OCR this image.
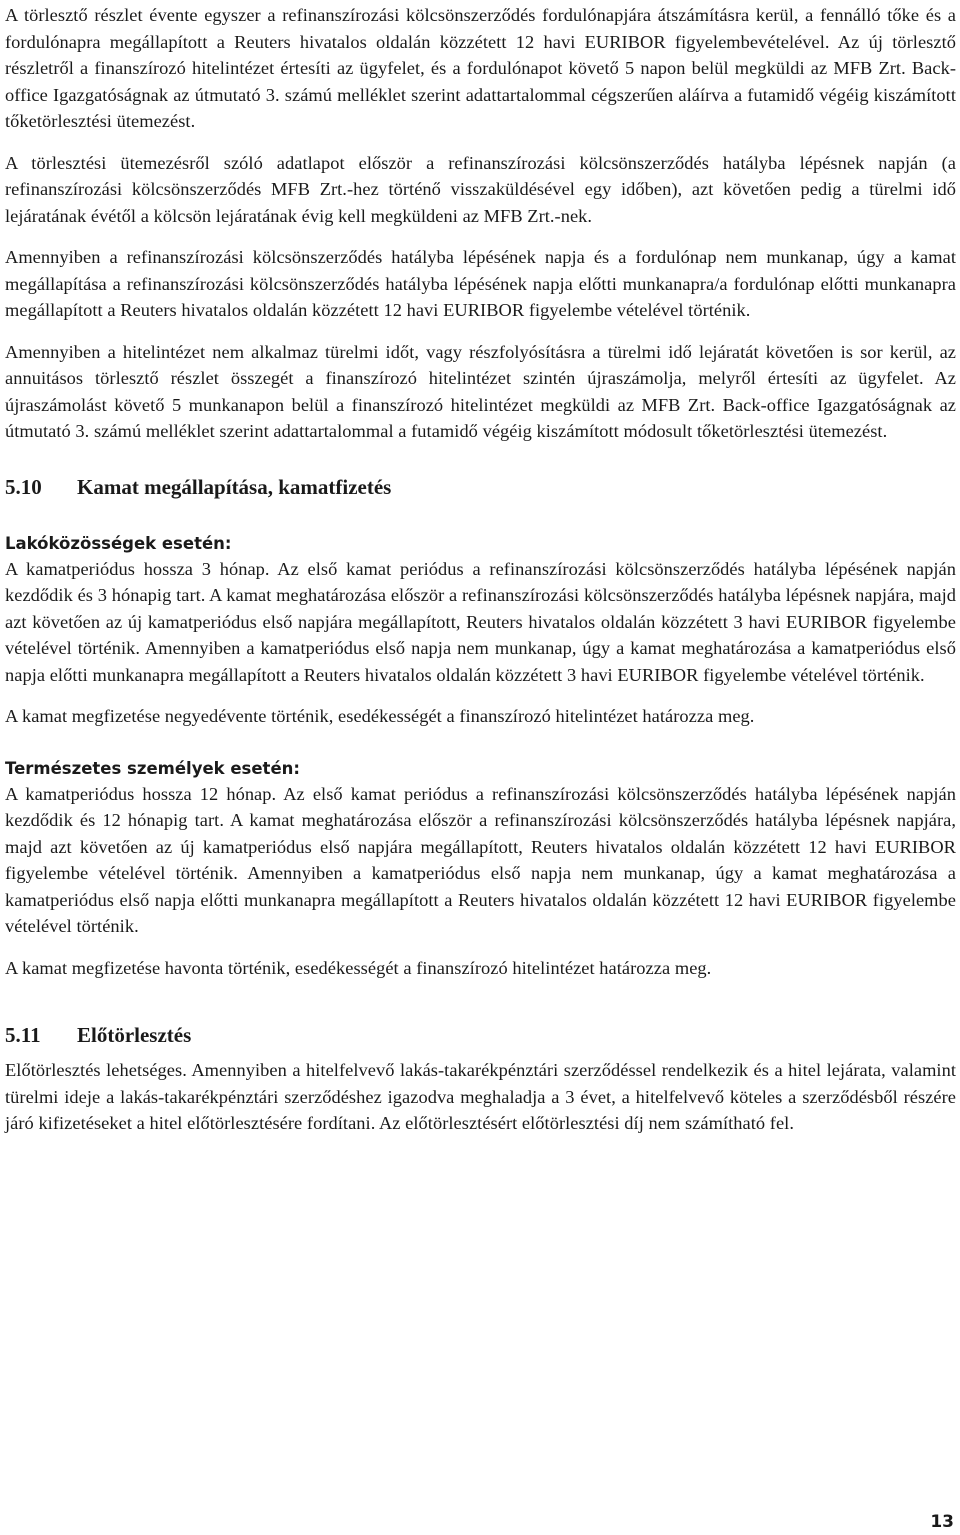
A törlesztő részlet évente egyszer a refinanszírozási kölcsönszerződés fordulónapjára átszámításra kerül, a fennálló tőke és a fordulónapra megállapított a Reuters hivatalos oldalán közzétett 12 havi EURIBOR figyelembevételével. Az új törlesztő részletről a finanszírozó hitelintézet értesíti az ügyfelet, és a fordulónapot követő 5 napon belül megküldi az MFB Zrt. Back-office Igazgatóságnak az útmutató 3. számú melléklet szerint adattartalommal cégszerűen aláírva a futamidő végéig kiszámított tőketörlesztési ütemezést.

A törlesztési ütemezésről szóló adatlapot először a refinanszírozási kölcsönszerződés hatályba lépésnek napján (a refinanszírozási kölcsönszerződés MFB Zrt.-hez történő visszaküldésével egy időben), azt követően pedig a türelmi idő lejáratának évétől a kölcsön lejáratának évig kell megküldeni az MFB Zrt.-nek.

Amennyiben a refinanszírozási kölcsönszerződés hatályba lépésének napja és a fordulónap nem munkanap, úgy a kamat megállapítása a refinanszírozási kölcsönszerződés hatályba lépésének napja előtti munkanapra/a fordulónap előtti munkanapra megállapított a Reuters hivatalos oldalán közzétett 12 havi EURIBOR figyelembe vételével történik.

Amennyiben a hitelintézet nem alkalmaz türelmi időt, vagy részfolyósításra a türelmi idő lejáratát követően is sor kerül, az annuitásos törlesztő részlet összegét a finanszírozó hitelintézet szintén újraszámolja, melyről értesíti az ügyfelet. Az újraszámolást követő 5 munkanapon belül a finanszírozó hitelintézet megküldi az MFB Zrt. Back-office Igazgatóságnak az útmutató 3. számú melléklet szerint adattartalommal a futamidő végéig kiszámított módosult tőketörlesztési ütemezést.

5.10	Kamat megállapítása, kamatfizetés
Lakóközösségek esetén:

A kamatperiódus hossza 3 hónap. Az első kamat periódus a refinanszírozási kölcsönszerződés hatályba lépésének napján kezdődik és 3 hónapig tart. A kamat meghatározása először a refinanszírozási kölcsönszerződés hatályba lépésnek napjára, majd azt követően az új kamatperiódus első napjára megállapított, Reuters hivatalos oldalán közzétett 3 havi EURIBOR figyelembe vételével történik. Amennyiben a kamatperiódus első napja nem munkanap, úgy a kamat meghatározása a kamatperiódus első napja előtti munkanapra megállapított a Reuters hivatalos oldalán közzétett 3 havi EURIBOR figyelembe vételével történik.

A kamat megfizetése negyedévente történik, esedékességét a finanszírozó hitelintézet határozza meg.

Természetes személyek esetén:

A kamatperiódus hossza 12 hónap. Az első kamat periódus a refinanszírozási kölcsönszerződés hatályba lépésének napján kezdődik és 12 hónapig tart. A kamat meghatározása először a refinanszírozási kölcsönszerződés hatályba lépésnek napjára, majd azt követően az új kamatperiódus első napjára megállapított, Reuters hivatalos oldalán közzétett 12 havi EURIBOR figyelembe vételével történik. Amennyiben a kamatperiódus első napja nem munkanap, úgy a kamat meghatározása a kamatperiódus első napja előtti munkanapra megállapított a Reuters hivatalos oldalán közzétett 12 havi EURIBOR figyelembe vételével történik.

A kamat megfizetése havonta történik, esedékességét a finanszírozó hitelintézet határozza meg.

5.11	Előtörlesztés

Előtörlesztés lehetséges. Amennyiben a hitelfelvevő lakás-takarékpénztári szerződéssel rendelkezik és a hitel lejárata, valamint türelmi ideje a lakás-takarékpénztári szerződéshez igazodva meghaladja a 3 évet, a hitelfelvevő köteles a szerződésből részére járó kifizetéseket a hitel előtörlesztésére fordítani. Az előtörlesztésért előtörlesztési díj nem számítható fel.

13
